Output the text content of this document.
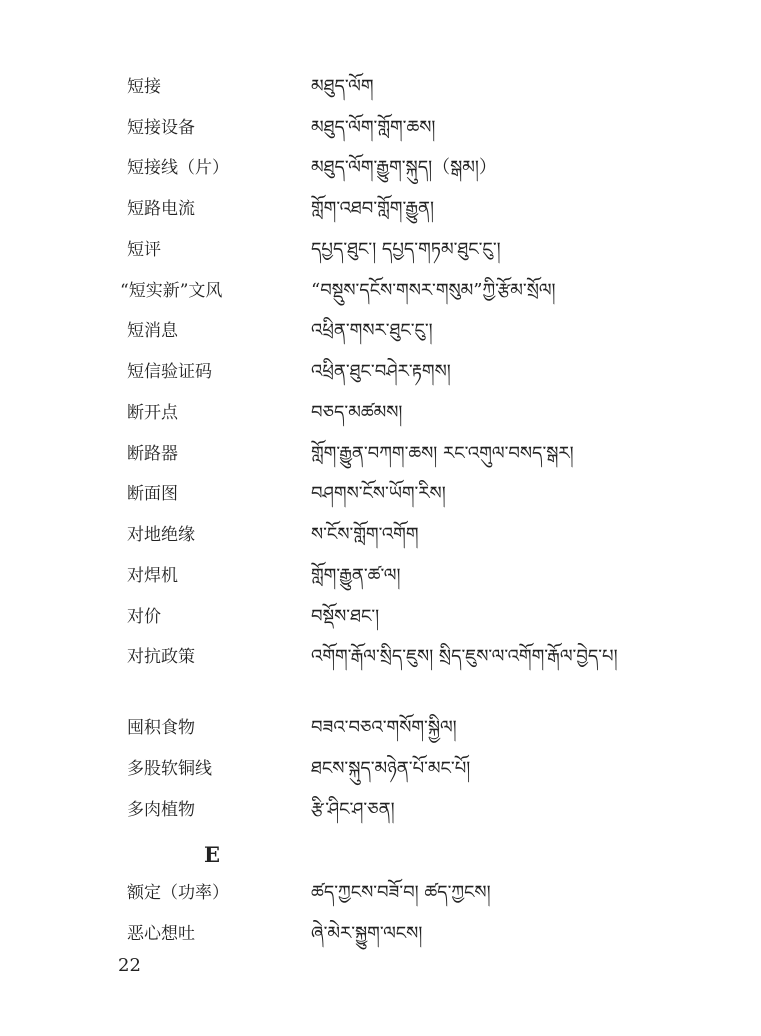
短接	མཐུད་ལོག
短接设备	མཐུད་ལོག་གློག་ཆས།
短接线（片）	མཐུད་ལོག་རྒྱུག་སྐུད།（སྒམ།）
短路电流	གློག་འཐབ་གློག་རྒྱུན།
短评	དཔྱད་ཐུང་། དཔྱད་གཏམ་ཐུང་ངུ་།
“短实新”文风	“བསྡུས་དངོས་གསར་གསུམ”ཀྱི་རྩོམ་སྲོལ།
短消息	འཕྲིན་གསར་ཐུང་ངུ་།
短信验证码	འཕྲིན་ཐུང་བཤེར་རྟགས།
断开点	བཅད་མཚམས།
断路器	གློག་རྒྱུན་བཀག་ཆས། རང་འགུལ་བསད་སྒར།
断面图	བཤགས་ངོས་ཡོག་རིས།
对地绝缘	ས་ངོས་གློག་འགོག
对焊机	གློག་རྒྱུན་ཚ་ལ།
对价	བསྡོས་ཐང་།
对抗政策	འགོག་རྒོལ་སྲིད་ཇུས། སྲིད་ཇུས་ལ་འགོག་རྒོལ་བྱེད་པ།
囤积食物	བཟའ་བཅའ་གསོག་སྐྱིལ།
多股软铜线	ཐངས་སྐུད་མཉེན་པོ་མང་པོ།
多肉植物	རྩི་ཤིང་ཤ་ཅན།
额定（功率）	ཚད་ཀྱངས་བཟོ་བ། ཚད་ཀྱངས།
恶心想吐	ཞེ་མེར་སྐྱུག་ལངས།
E
22
